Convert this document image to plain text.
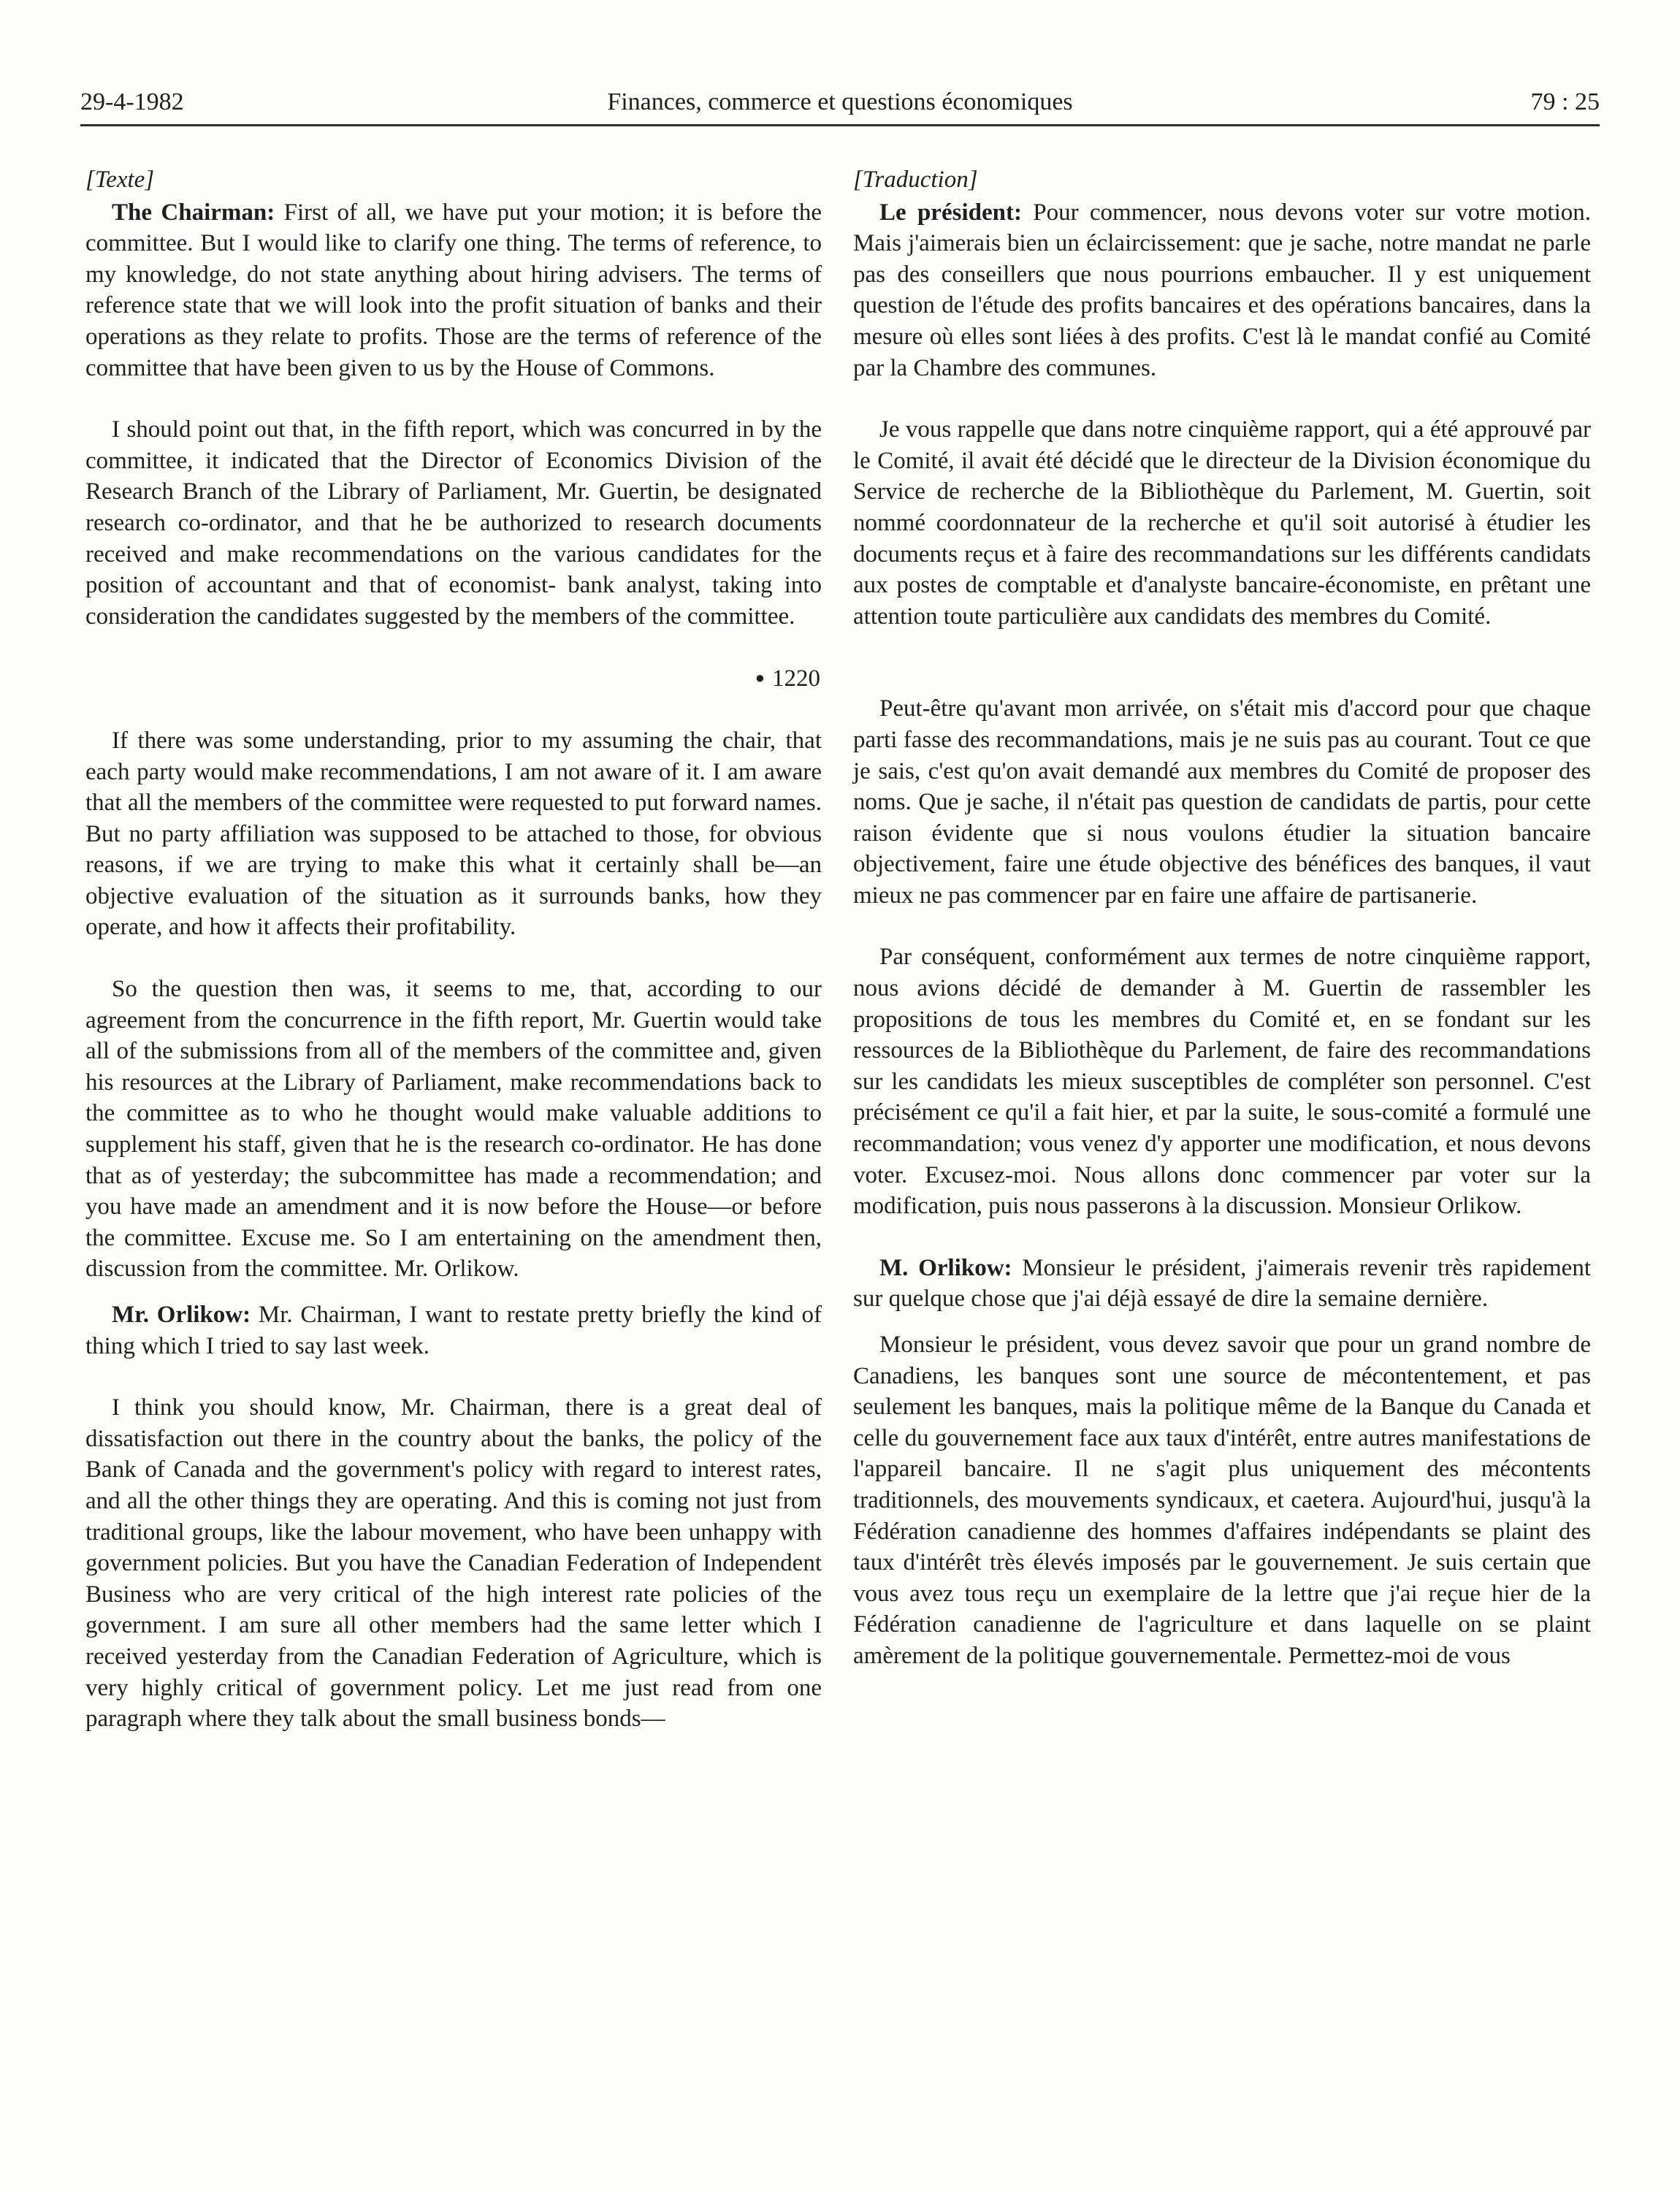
29-4-1982	Finances, commerce et questions économiques	79 : 25

[Texte]

The Chairman: First of all, we have put your motion; it is before the committee. But I would like to clarify one thing. The terms of reference, to my knowledge, do not state anything about hiring advisers. The terms of reference state that we will look into the profit situation of banks and their operations as they relate to profits. Those are the terms of reference of the committee that have been given to us by the House of Commons.

I should point out that, in the fifth report, which was concurred in by the committee, it indicated that the Director of Economics Division of the Research Branch of the Library of Parliament, Mr. Guertin, be designated research co-ordinator, and that he be authorized to research documents received and make recommendations on the various candidates for the position of accountant and that of economist- bank analyst, taking into consideration the candidates suggested by the members of the committee.

● 1220

If there was some understanding, prior to my assuming the chair, that each party would make recommendations, I am not aware of it. I am aware that all the members of the committee were requested to put forward names. But no party affiliation was supposed to be attached to those, for obvious reasons, if we are trying to make this what it certainly shall be—an objective evaluation of the situation as it surrounds banks, how they operate, and how it affects their profitability.

So the question then was, it seems to me, that, according to our agreement from the concurrence in the fifth report, Mr. Guertin would take all of the submissions from all of the members of the committee and, given his resources at the Library of Parliament, make recommendations back to the committee as to who he thought would make valuable additions to supplement his staff, given that he is the research co-ordinator. He has done that as of yesterday; the subcommittee has made a recommendation; and you have made an amendment and it is now before the House—or before the committee. Excuse me. So I am entertaining on the amendment then, discussion from the committee. Mr. Orlikow.

Mr. Orlikow: Mr. Chairman, I want to restate pretty briefly the kind of thing which I tried to say last week.

I think you should know, Mr. Chairman, there is a great deal of dissatisfaction out there in the country about the banks, the policy of the Bank of Canada and the government's policy with regard to interest rates, and all the other things they are operating. And this is coming not just from traditional groups, like the labour movement, who have been unhappy with government policies. But you have the Canadian Federation of Independent Business who are very critical of the high interest rate policies of the government. I am sure all other members had the same letter which I received yesterday from the Canadian Federation of Agriculture, which is very highly critical of government policy. Let me just read from one paragraph where they talk about the small business bonds—

[Traduction]

Le président: Pour commencer, nous devons voter sur votre motion. Mais j'aimerais bien un éclaircissement: que je sache, notre mandat ne parle pas des conseillers que nous pourrions embaucher. Il y est uniquement question de l'étude des profits bancaires et des opérations bancaires, dans la mesure où elles sont liées à des profits. C'est là le mandat confié au Comité par la Chambre des communes.

Je vous rappelle que dans notre cinquième rapport, qui a été approuvé par le Comité, il avait été décidé que le directeur de la Division économique du Service de recherche de la Bibliothèque du Parlement, M. Guertin, soit nommé coordonnateur de la recherche et qu'il soit autorisé à étudier les documents reçus et à faire des recommandations sur les différents candidats aux postes de comptable et d'analyste bancaire-économiste, en prêtant une attention toute particulière aux candidats des membres du Comité.

Peut-être qu'avant mon arrivée, on s'était mis d'accord pour que chaque parti fasse des recommandations, mais je ne suis pas au courant. Tout ce que je sais, c'est qu'on avait demandé aux membres du Comité de proposer des noms. Que je sache, il n'était pas question de candidats de partis, pour cette raison évidente que si nous voulons étudier la situation bancaire objectivement, faire une étude objective des bénéfices des banques, il vaut mieux ne pas commencer par en faire une affaire de partisanerie.

Par conséquent, conformément aux termes de notre cinquième rapport, nous avions décidé de demander à M. Guertin de rassembler les propositions de tous les membres du Comité et, en se fondant sur les ressources de la Bibliothèque du Parlement, de faire des recommandations sur les candidats les mieux susceptibles de compléter son personnel. C'est précisément ce qu'il a fait hier, et par la suite, le sous-comité a formulé une recommandation; vous venez d'y apporter une modification, et nous devons voter. Excusez-moi. Nous allons donc commencer par voter sur la modification, puis nous passerons à la discussion. Monsieur Orlikow.

M. Orlikow: Monsieur le président, j'aimerais revenir très rapidement sur quelque chose que j'ai déjà essayé de dire la semaine dernière.

Monsieur le président, vous devez savoir que pour un grand nombre de Canadiens, les banques sont une source de mécontentement, et pas seulement les banques, mais la politique même de la Banque du Canada et celle du gouvernement face aux taux d'intérêt, entre autres manifestations de l'appareil bancaire. Il ne s'agit plus uniquement des mécontents traditionnels, des mouvements syndicaux, et caetera. Aujourd'hui, jusqu'à la Fédération canadienne des hommes d'affaires indépendants se plaint des taux d'intérêt très élevés imposés par le gouvernement. Je suis certain que vous avez tous reçu un exemplaire de la lettre que j'ai reçue hier de la Fédération canadienne de l'agriculture et dans laquelle on se plaint amèrement de la politique gouvernementale. Permettez-moi de vous
